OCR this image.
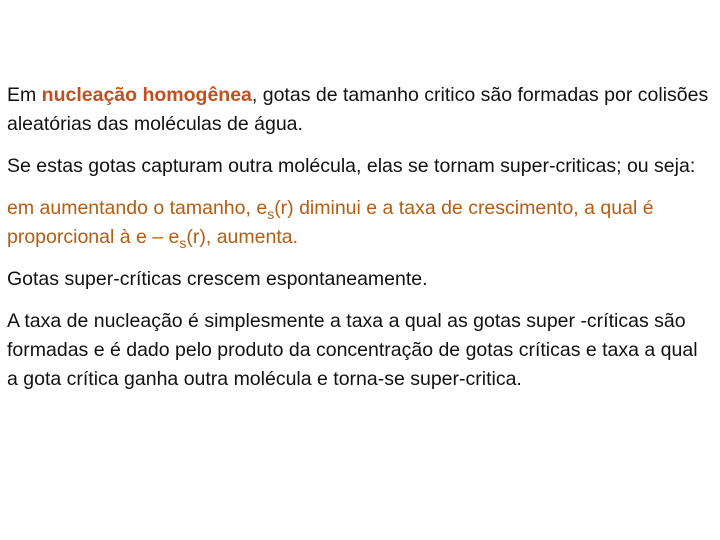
Em nucleação homogênea, gotas de tamanho critico são formadas por colisões aleatórias das moléculas de água.

Se estas gotas capturam outra molécula, elas se tornam super-criticas; ou seja:

em aumentando o tamanho, $e_s(r)$ diminui e a taxa de crescimento, a qual é proporcional à e – $e_s(r)$, aumenta.

Gotas super-críticas crescem espontaneamente.

A taxa de nucleação é simplesmente a taxa a qual as gotas super -críticas são formadas e é dado pelo produto da concentração de gotas críticas e taxa a qual a gota crítica ganha outra molécula e torna-se super-critica.
